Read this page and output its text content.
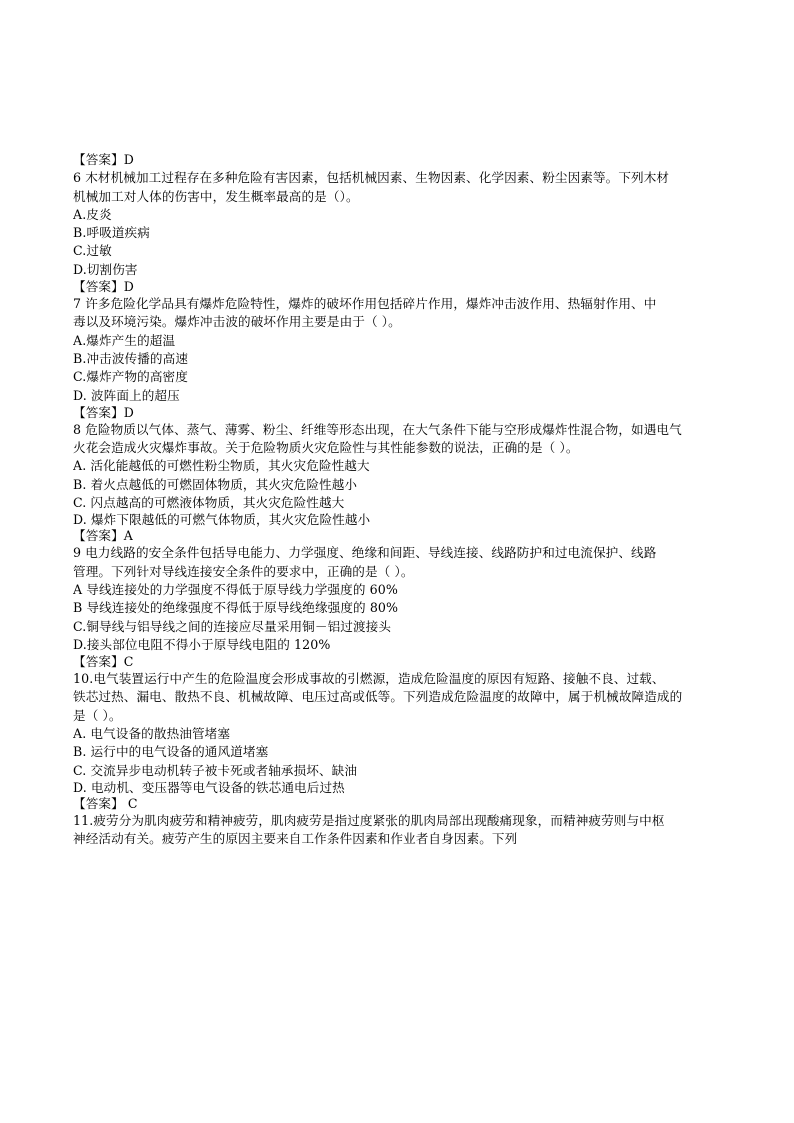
【答案】D
6 木材机械加工过程存在多种危险有害因素，包括机械因素、生物因素、化学因素、粉尘因素等。下列木材
机械加工对人体的伤害中，发生概率最高的是（）。
A.皮炎
B.呼吸道疾病
C.过敏
D.切割伤害
【答案】D
7 许多危险化学品具有爆炸危险特性，爆炸的破坏作用包括碎片作用，爆炸冲击波作用、热辐射作用、中
毒以及环境污染。爆炸冲击波的破坏作用主要是由于（ ）。
A.爆炸产生的超温
B.冲击波传播的高速
C.爆炸产物的高密度
D. 波阵面上的超压
【答案】D
8 危险物质以气体、蒸气、薄雾、粉尘、纤维等形态出现，在大气条件下能与空形成爆炸性混合物，如遇电气
火花会造成火灾爆炸事故。关于危险物质火灾危险性与其性能参数的说法，正确的是（ ）。
A. 活化能越低的可燃性粉尘物质，其火灾危险性越大
B. 着火点越低的可燃固体物质，其火灾危险性越小
C. 闪点越高的可燃液体物质，其火灾危险性越大
D. 爆炸下限越低的可燃气体物质，其火灾危险性越小
【答案】A
9 电力线路的安全条件包括导电能力、力学强度、绝缘和间距、导线连接、线路防护和过电流保护、线路
管理。下列针对导线连接安全条件的要求中，正确的是（ ）。
A 导线连接处的力学强度不得低于原导线力学强度的 60%
B 导线连接处的绝缘强度不得低于原导线绝缘强度的 80%
C.铜导线与铝导线之间的连接应尽量采用铜－铝过渡接头
D.接头部位电阻不得小于原导线电阻的 120%
【答案】C
10.电气装置运行中产生的危险温度会形成事故的引燃源，造成危险温度的原因有短路、接触不良、过载、
铁芯过热、漏电、散热不良、机械故障、电压过高或低等。下列造成危险温度的故障中，属于机械故障造成的
是（ ）。
A. 电气设备的散热油管堵塞
B. 运行中的电气设备的通风道堵塞
C. 交流异步电动机转子被卡死或者轴承损坏、缺油
D. 电动机、变压器等电气设备的铁芯通电后过热
【答案】 C
11.疲劳分为肌肉疲劳和精神疲劳，肌肉疲劳是指过度紧张的肌肉局部出现酸痛现象，而精神疲劳则与中枢
神经活动有关。疲劳产生的原因主要来自工作条件因素和作业者自身因素。下列
